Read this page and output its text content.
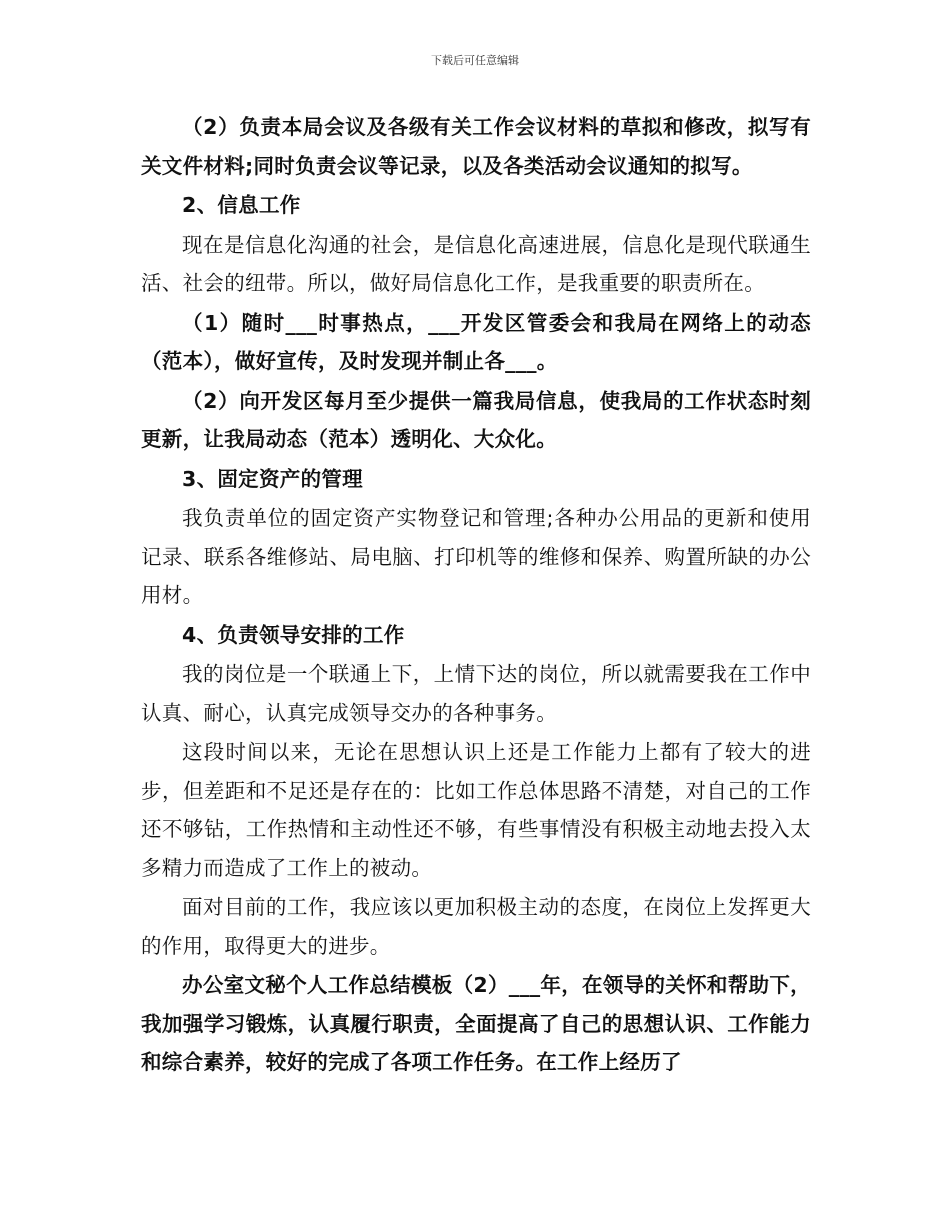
下载后可任意编辑

（2）负责本局会议及各级有关工作会议材料的草拟和修改，拟写有关文件材料;同时负责会议等记录，以及各类活动会议通知的拟写。

2、信息工作

现在是信息化沟通的社会，是信息化高速进展，信息化是现代联通生活、社会的纽带。所以，做好局信息化工作，是我重要的职责所在。

（1）随时___时事热点，___开发区管委会和我局在网络上的动态（范本），做好宣传，及时发现并制止各___。

（2）向开发区每月至少提供一篇我局信息，使我局的工作状态时刻更新，让我局动态（范本）透明化、大众化。

3、固定资产的管理

我负责单位的固定资产实物登记和管理;各种办公用品的更新和使用记录、联系各维修站、局电脑、打印机等的维修和保养、购置所缺的办公用材。

4、负责领导安排的工作

我的岗位是一个联通上下，上情下达的岗位，所以就需要我在工作中认真、耐心，认真完成领导交办的各种事务。

这段时间以来，无论在思想认识上还是工作能力上都有了较大的进步，但差距和不足还是存在的：比如工作总体思路不清楚，对自己的工作还不够钻，工作热情和主动性还不够，有些事情没有积极主动地去投入太多精力而造成了工作上的被动。

面对目前的工作，我应该以更加积极主动的态度，在岗位上发挥更大的作用，取得更大的进步。

办公室文秘个人工作总结模板（2）___年，在领导的关怀和帮助下，我加强学习锻炼，认真履行职责，全面提高了自己的思想认识、工作能力和综合素养，较好的完成了各项工作任务。在工作上经历了
